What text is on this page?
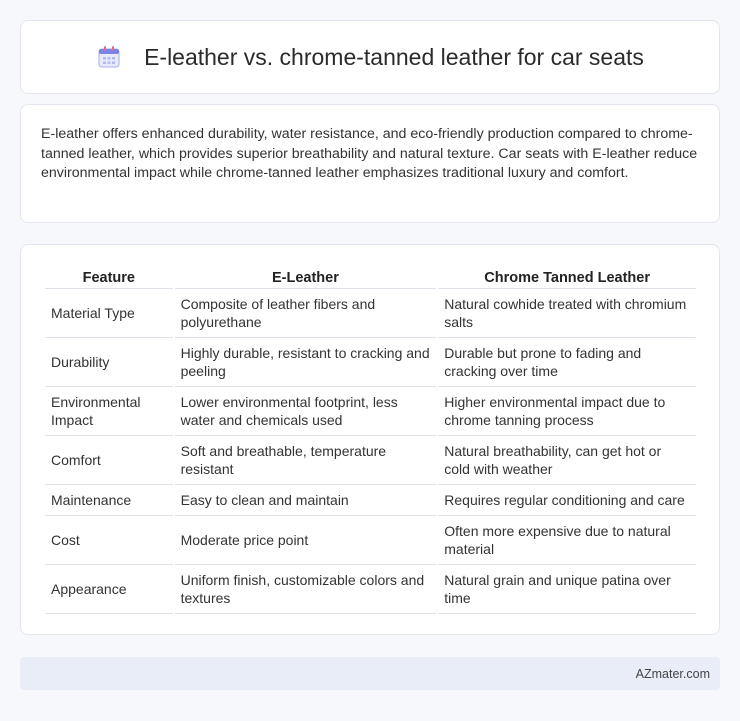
E-leather vs. chrome-tanned leather for car seats

E-leather offers enhanced durability, water resistance, and eco-friendly production compared to chrome-tanned leather, which provides superior breathability and natural texture. Car seats with E-leather reduce environmental impact while chrome-tanned leather emphasizes traditional luxury and comfort.

Feature	E-Leather	Chrome Tanned Leather
Material Type	Composite of leather fibers and polyurethane	Natural cowhide treated with chromium salts
Durability	Highly durable, resistant to cracking and peeling	Durable but prone to fading and cracking over time
Environmental Impact	Lower environmental footprint, less water and chemicals used	Higher environmental impact due to chrome tanning process
Comfort	Soft and breathable, temperature resistant	Natural breathability, can get hot or cold with weather
Maintenance	Easy to clean and maintain	Requires regular conditioning and care
Cost	Moderate price point	Often more expensive due to natural material
Appearance	Uniform finish, customizable colors and textures	Natural grain and unique patina over time
AZmater.com
